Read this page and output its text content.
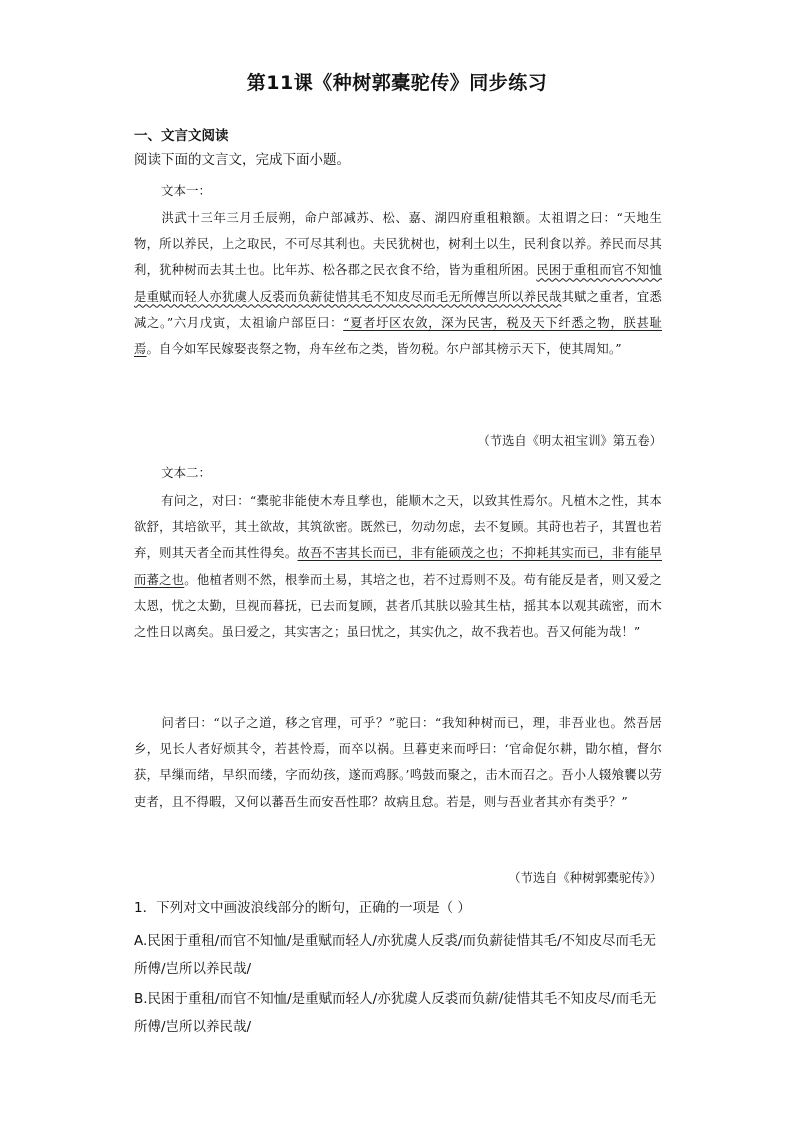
第11课《种树郭橐驼传》同步练习
一、文言文阅读
阅读下面的文言文，完成下面小题。
文本一：
洪武十三年三月壬辰朔，命户部减苏、松、嘉、湖四府重租粮额。太祖谓之曰：“天地生物，所以养民，上之取民，不可尽其利也。夫民犹树也，树利土以生，民利食以养。养民而尽其利，犹种树而去其土也。比年苏、松各郡之民衣食不给，皆为重租所困。民困于重租而官不知恤是重赋而轻人亦犹虞人反裘而负薪徒惜其毛不知皮尽而毛无所傅岂所以养民哉其赋之重者，宜悉减之。”六月戊寅，太祖谕户部臣曰：“夏者圩区农敛，深为民害，税及天下纤悉之物，朕甚耻焉。自今如军民嫁娶丧祭之物，舟车丝布之类，皆勿税。尔户部其榜示天下，使其周知。”
（节选自《明太祖宝训》第五卷）
文本二：
有问之，对曰：“橐驼非能使木寿且孳也，能顺木之天，以致其性焉尔。凡植木之性，其本欲舒，其培欲平，其土欲故，其筑欲密。既然已，勿动勿虑，去不复顾。其莳也若子，其置也若弃，则其天者全而其性得矣。故吾不害其长而已，非有能硕茂之也；不抑耗其实而已，非有能早而蕃之也。他植者则不然，根拳而土易，其培之也，若不过焉则不及。苟有能反是者，则又爱之太恩，忧之太勤，旦视而暮抚，已去而复顾，甚者爪其肤以验其生枯，摇其本以观其疏密，而木之性日以离矣。虽曰爱之，其实害之；虽曰忧之，其实仇之，故不我若也。吾又何能为哉！”
问者曰：“以子之道，移之官理，可乎？”驼曰：“我知种树而已，理，非吾业也。然吾居乡，见长人者好烦其令，若甚怜焉，而卒以祸。旦暮吏来而呼曰：‘官命促尔耕，勖尔植，督尔获，早缫而绪，早织而缕，字而幼孩，遂而鸡豚。’鸣鼓而聚之，击木而召之。吾小人辍飧饔以劳吏者，且不得暇，又何以蕃吾生而安吾性耶？故病且怠。若是，则与吾业者其亦有类乎？”
（节选自《种树郭橐驼传》）
1．下列对文中画波浪线部分的断句，正确的一项是（ ）
A.民困于重租/而官不知恤/是重赋而轻人/亦犹虞人反裘/而负薪徒惜其毛/不知皮尽而毛无所傅/岂所以养民哉/
B.民困于重租/而官不知恤/是重赋而轻人/亦犹虞人反裘而负薪/徒惜其毛不知皮尽/而毛无所傅/岂所以养民哉/
